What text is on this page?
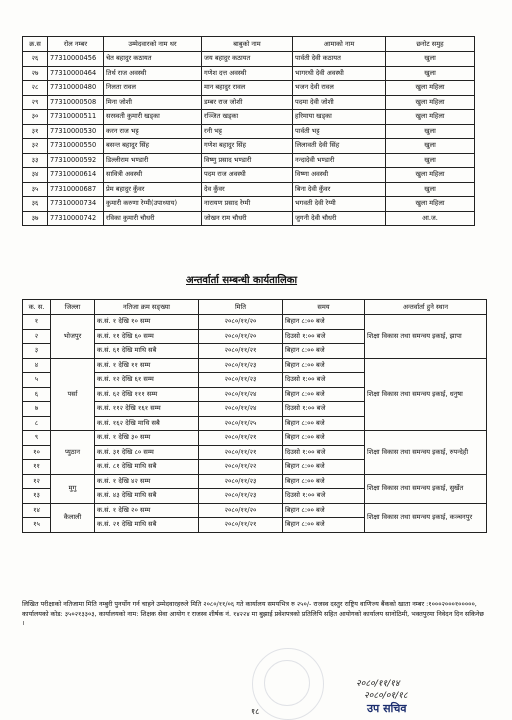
क्र.स	रोल नम्बर	उम्मेदवारको नाम थर	बाबुको नाम	आमाको नाम	छनोट समुह
२६	77310000456	चेत बहादुर कठायत	जय बहादुर कठायत	पार्वती देवी कठायत	खुला
२७	77310000464	तिर्थ राज अवस्थी	गणेश दत्त अवस्थी	भागरथी देवी अवस्थी	खुला
२८	77310000480	निलता रावल	मान बहादुर रावल	भजन देवी रावल	खुला महिला
२९	77310000508	मिना जोशी	डम्बर राज जोशी	पदमा देवी जोशी	खुला महिला
३०	77310000511	सरस्वती कुमारी खड्का	रञ्जित खड्का	हरिमाया खड्का	खुला महिला
३१	77310000530	करन राज भट्ट	रनी भट्ट	पार्वती भट्ट	खुला
३२	77310000550	बसन्त बहादुर सिंह	गणेश बहादुर सिंह	लिलावती देवी सिंह	खुला
३३	77310000592	डिल्लीराम भण्डारी	विष्णु प्रसाद भण्डारी	नन्दादेवी भण्डारी	खुला
३४	77310000614	सावित्री अवस्थी	पदम राज अवस्थी	विष्णा अवस्थी	खुला महिला
३५	77310000687	प्रेम बहादुर कुँवर	देव कुँवर	बिना देवी कुँवर	खुला
३६	77310000734	कुमारी करुणा रेग्मी(उपाध्याय)	नारायण प्रसाद रेग्मी	भगवती देवी रेग्मी	खुला महिला
३७	77310000742	रविका कुमारी चौधरी	जोखन राम चौधरी	जुगनी देवी चौधरी	आ.ज.
अन्तर्वार्ता सम्बन्धी कार्यतालिका
क. स.	जिल्ला	नतिजा क्रम सङ्ख्या	मिति	समय	अन्तर्वार्ता हुने स्थान
१	भोजपुर	क.सं. १ देखि १० सम्म	२०८०/११/२०	बिहान ८:०० बजे	शिक्षा विकास तथा समन्वय इकाई, झापा
२		क.सं. ११ देखि ६० सम्म	२०८०/११/२०	दिउसो १:०० बजे	
३		क.सं. ६१ देखि माथि सबै	२०८०/११/२१	बिहान ८:०० बजे	
४	पर्सा	क.सं. १ देखि ११ सम्म	२०८०/११/२३	बिहान ८:०० बजे	शिक्षा विकास तथा समन्वय इकाई, धनुषा
५		क.सं. १२ देखि ६१ सम्म	२०८०/११/२३	दिउसो १:०० बजे	
६		क.सं. ६२ देखि १११ सम्म	२०८०/११/२४	बिहान ८:०० बजे	
७		क.सं. ११२ देखि १६१ सम्म	२०८०/११/२४	दिउसो १:०० बजे	
८		क.सं. १६२ देखि माथि सबै	२०८०/११/२५	बिहान ८:०० बजे	
९	प्युठान	क.सं. १ देखि ३० सम्म	२०८०/११/२१	बिहान ८:०० बजे	शिक्षा विकास तथा समन्वय इकाई, रुपन्देही
१०		क.सं. ३१ देखि ८० सम्म	२०८०/११/२१	दिउसो १:०० बजे	
११		क.सं. ८१ देखि माथि सबै	२०८०/११/२२	बिहान ८:०० बजे	
१२	मुगु	क.सं. १ देखि ४२ सम्म	२०८०/११/२३	बिहान ८:०० बजे	शिक्षा विकास तथा समन्वय इकाई, सुर्खेत
१३		क.सं. ४३ देखि माथि सबै	२०८०/११/२३	दिउसो १:०० बजे	
१४	कैलाली	क.सं. १ देखि २० सम्म	२०८०/११/२०	बिहान ८:०० बजे	शिक्षा विकास तथा समन्वय इकाई, कञ्चनपुर
१५		क.सं. २१ देखि माथि सबै	२०८०/११/२१	बिहान ८:०० बजे	
लिखित परीक्षाको नतिजामा मिति नम्बुरी पुनर्योग गर्न चाहने उम्मेदवारहरुले मिति २०८०/११/०६ गते कार्यालय समयभित्र रु २५०/- राजस्व दस्तुर राष्ट्रिय वाणिज्य बैंकको खाता नम्बर :१०००२०००१०००००, कार्यालयको कोड: ३५०२१३३०३, कार्यालयको नाम: शिक्षक सेवा आयोग र राजस्व शीर्षक नं. १४२२४ मा बुझाई प्रवेशपत्रको प्रतिलिपि सहित आयोगको कार्यालय सानोठिमी, भक्तपुरमा निवेदन दिन सकिनेछ ।
१८
२०८०/११/१४
२०८०/०१/१८
उप सचिव
